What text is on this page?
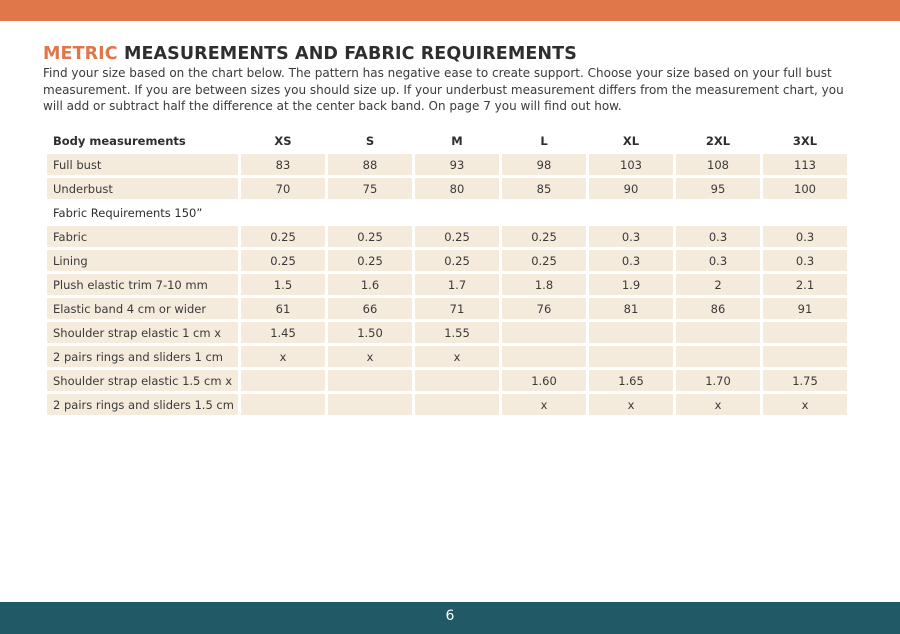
METRIC MEASUREMENTS AND FABRIC REQUIREMENTS

Find your size based on the chart below. The pattern has negative ease to create support. Choose your size based on your full bust measurement. If you are between sizes you should size up. If your underbust measurement differs from the measurement chart, you will add or subtract half the difference at the center back band. On page 7 you will find out how.

Body measurements	XS	S	M	L	XL	2XL	3XL
Full bust	83	88	93	98	103	108	113
Underbust	70	75	80	85	90	95	100
Fabric Requirements 150”							
Fabric	0.25	0.25	0.25	0.25	0.3	0.3	0.3
Lining	0.25	0.25	0.25	0.25	0.3	0.3	0.3
Plush elastic trim 7-10 mm	1.5	1.6	1.7	1.8	1.9	2	2.1
Elastic band 4 cm or wider	61	66	71	76	81	86	91
Shoulder strap elastic 1 cm x	1.45	1.50	1.55				
2 pairs rings and sliders 1 cm	x	x	x				
Shoulder strap elastic 1.5 cm x				1.60	1.65	1.70	1.75
2 pairs rings and sliders 1.5 cm				x	x	x	x
6
